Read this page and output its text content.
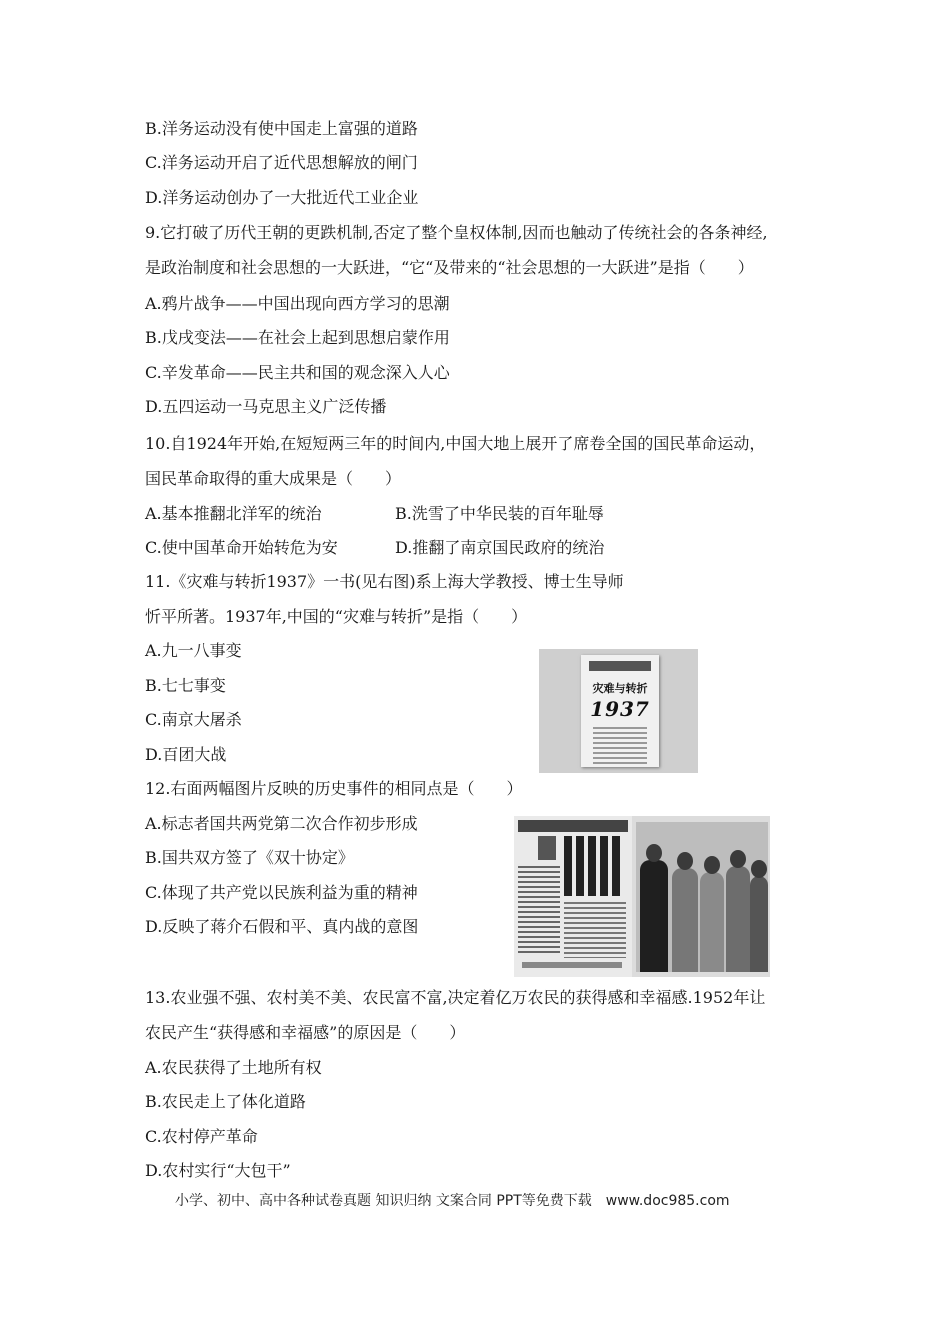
B.洋务运动没有使中国走上富强的道路
C.洋务运动开启了近代思想解放的闸门
D.洋务运动创办了一大批近代工业企业
9.它打破了历代王朝的更跌机制,否定了整个皇权体制,因而也触动了传统社会的各条神经,
是政治制度和社会思想的一大跃进，“它“及带来的“社会思想的一大跃进”是指（　　）
A.鸦片战争——中国出现向西方学习的思潮
B.戊戌变法——在社会上起到思想启蒙作用
C.辛发革命——民主共和国的观念深入人心
D.五四运动一马克思主义广泛传播
10.自1924年开始,在短短两三年的时间内,中国大地上展开了席卷全国的国民革命运动，
国民革命取得的重大成果是（　　）
A.基本推翻北洋军的统治	B.洗雪了中华民装的百年耻辱
C.使中国革命开始转危为安	D.推翻了南京国民政府的统治
11.《灾难与转折1937》一书(见右图)系上海大学教授、博士生导师
忻平所著。1937年,中国的“灾难与转折”是指（　　）
A.九一八事变
B.七七事变
C.南京大屠杀
D.百团大战
灾难与转折
1937
12.右面两幅图片反映的历史事件的相同点是（　　）
A.标志者国共两党第二次合作初步形成
B.国共双方签了《双十协定》
C.体现了共产党以民族利益为重的精神
D.反映了蒋介石假和平、真内战的意图
13.农业强不强、农村美不美、农民富不富,决定着亿万农民的获得感和幸福感.1952年让
农民产生“获得感和幸福感”的原因是（　　）
A.农民获得了土地所有权
B.农民走上了体化道路
C.农村停产革命
D.农村实行“大包干”
小学、初中、高中各种试卷真题 知识归纳 文案合同 PPT等免费下载　www.doc985.com
